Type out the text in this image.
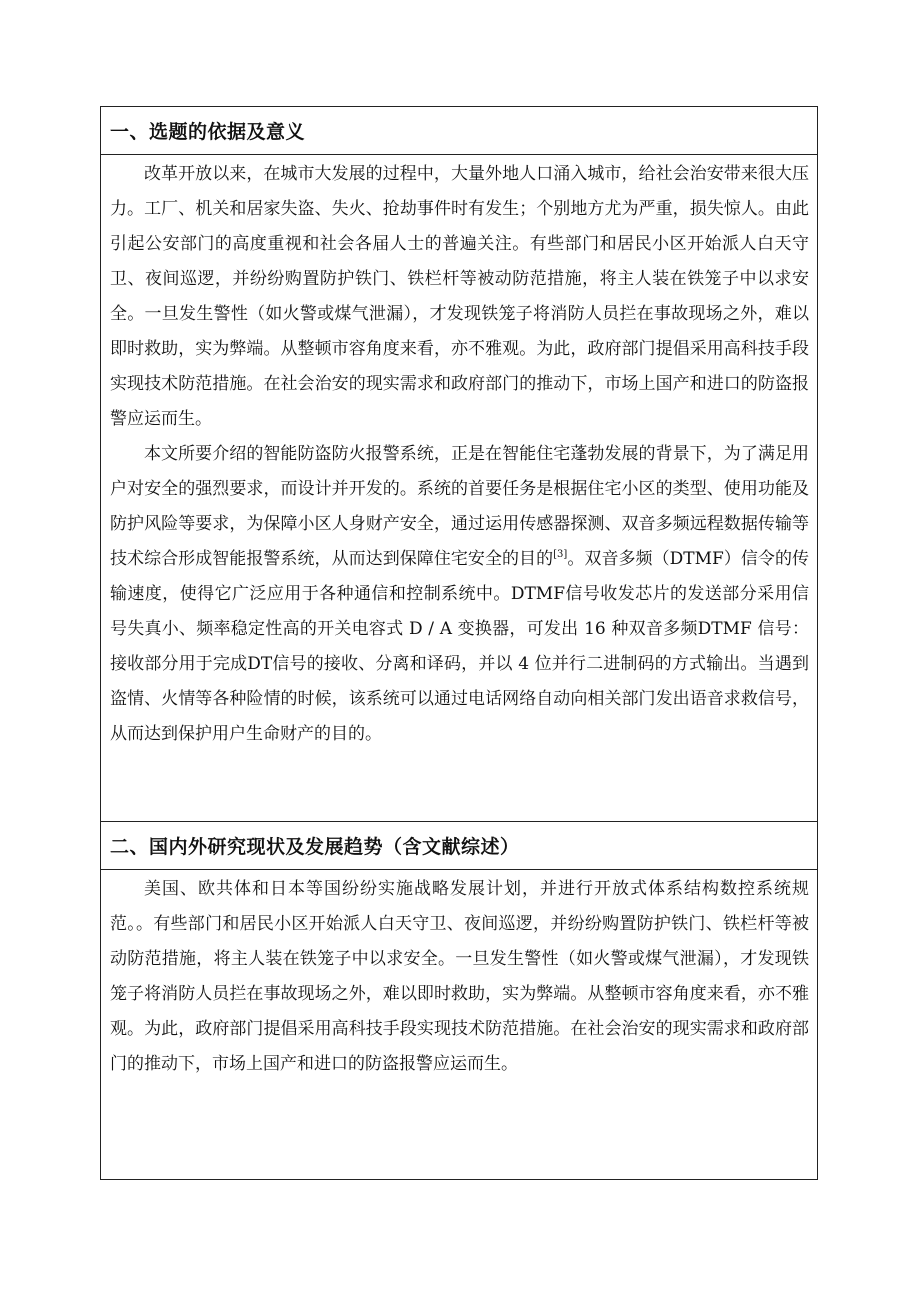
一、选题的依据及意义

改革开放以来，在城市大发展的过程中，大量外地人口涌入城市，给社会治安带来很大压力。工厂、机关和居家失盗、失火、抢劫事件时有发生；个别地方尤为严重，损失惊人。由此引起公安部门的高度重视和社会各届人士的普遍关注。有些部门和居民小区开始派人白天守卫、夜间巡逻，并纷纷购置防护铁门、铁栏杆等被动防范措施，将主人装在铁笼子中以求安全。一旦发生警性（如火警或煤气泄漏），才发现铁笼子将消防人员拦在事故现场之外，难以即时救助，实为弊端。从整顿市容角度来看，亦不雅观。为此，政府部门提倡采用高科技手段实现技术防范措施。在社会治安的现实需求和政府部门的推动下，市场上国产和进口的防盗报警应运而生。

本文所要介绍的智能防盗防火报警系统，正是在智能住宅蓬勃发展的背景下，为了满足用户对安全的强烈要求，而设计并开发的。系统的首要任务是根据住宅小区的类型、使用功能及防护风险等要求，为保障小区人身财产安全，通过运用传感器探测、双音多频远程数据传输等技术综合形成智能报警系统，从而达到保障住宅安全的目的[3]。双音多频（DTMF）信令的传输速度，使得它广泛应用于各种通信和控制系统中。DTMF信号收发芯片的发送部分采用信号失真小、频率稳定性高的开关电容式 D / A 变换器，可发出 16 种双音多频DTMF 信号：接收部分用于完成DT信号的接收、分离和译码，并以 4 位并行二进制码的方式输出。当遇到盗情、火情等各种险情的时候，该系统可以通过电话网络自动向相关部门发出语音求救信号，从而达到保护用户生命财产的目的。

二、国内外研究现状及发展趋势（含文献综述）

美国、欧共体和日本等国纷纷实施战略发展计划，并进行开放式体系结构数控系统规范。。有些部门和居民小区开始派人白天守卫、夜间巡逻，并纷纷购置防护铁门、铁栏杆等被动防范措施，将主人装在铁笼子中以求安全。一旦发生警性（如火警或煤气泄漏），才发现铁笼子将消防人员拦在事故现场之外，难以即时救助，实为弊端。从整顿市容角度来看，亦不雅观。为此，政府部门提倡采用高科技手段实现技术防范措施。在社会治安的现实需求和政府部门的推动下，市场上国产和进口的防盗报警应运而生。
